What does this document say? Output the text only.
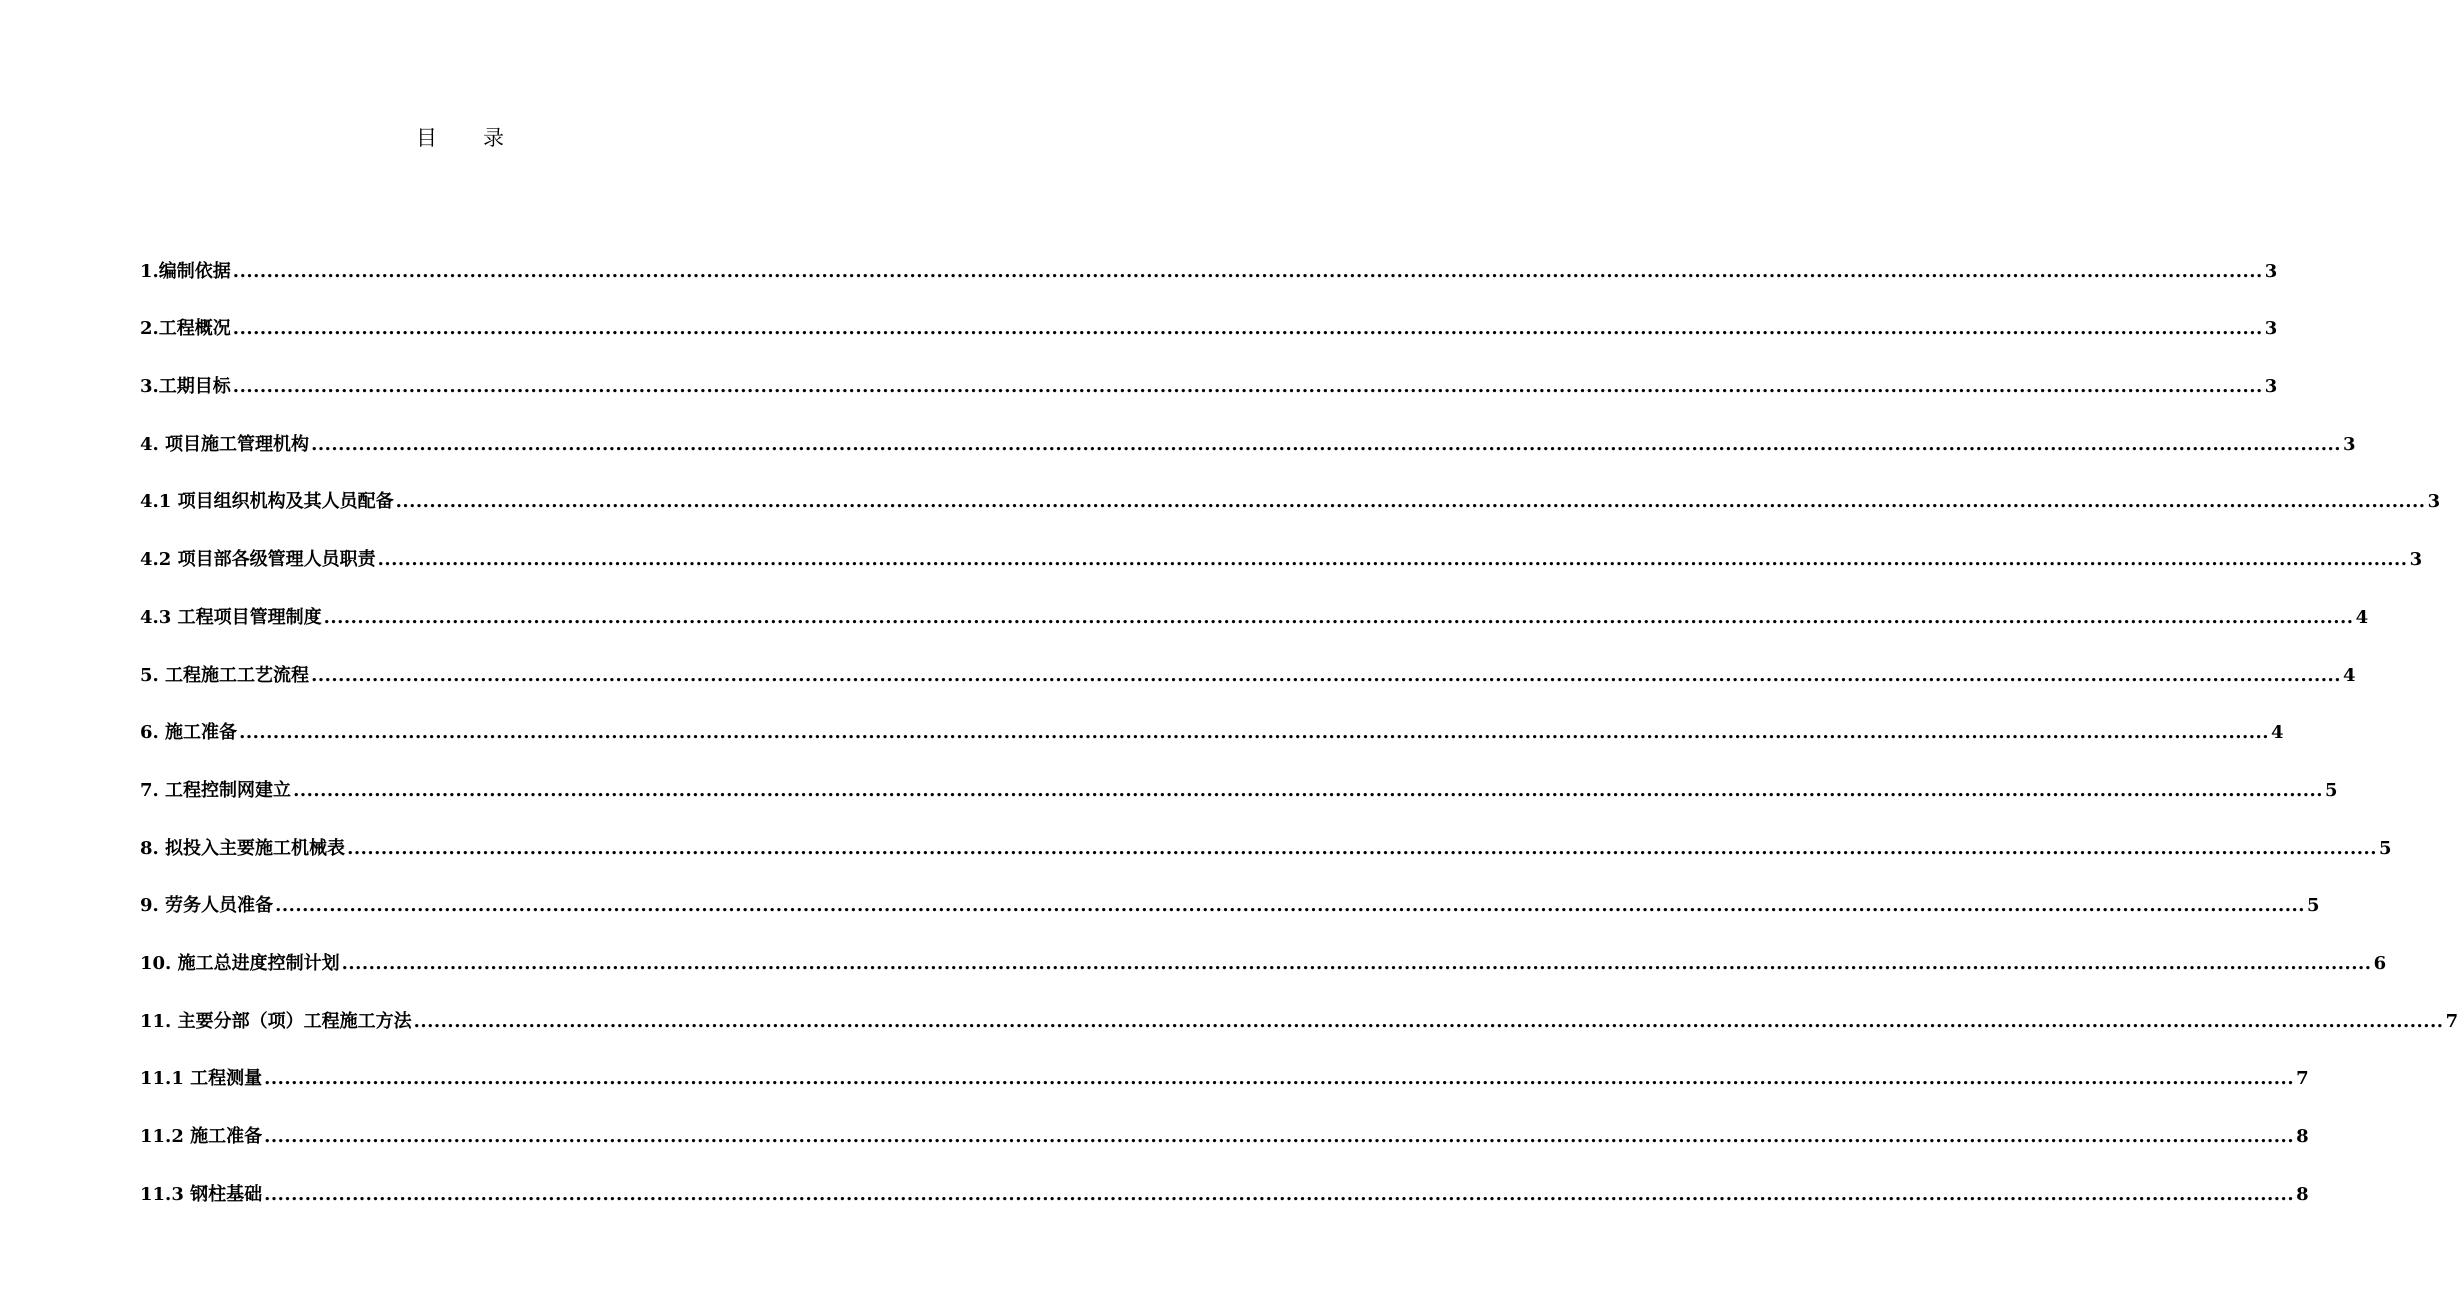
目 录
1.编制依据 ............................................................................................................................................................................................................................................................................................................ 3
2.工程概况 ............................................................................................................................................................................................................................................................................................................ 3
3.工期目标 ............................................................................................................................................................................................................................................................................................................ 3
4. 项目施工管理机构 ............................................................................................................................................................................................................................................................................................................ 3
4.1 项目组织机构及其人员配备 ............................................................................................................................................................................................................................................................................................................ 3
4.2 项目部各级管理人员职责 ............................................................................................................................................................................................................................................................................................................ 3
4.3 工程项目管理制度 ............................................................................................................................................................................................................................................................................................................ 4
5. 工程施工工艺流程 ............................................................................................................................................................................................................................................................................................................ 4
6. 施工准备 ............................................................................................................................................................................................................................................................................................................ 4
7. 工程控制网建立 ............................................................................................................................................................................................................................................................................................................ 5
8. 拟投入主要施工机械表 ............................................................................................................................................................................................................................................................................................................ 5
9. 劳务人员准备 ............................................................................................................................................................................................................................................................................................................ 5
10. 施工总进度控制计划 ............................................................................................................................................................................................................................................................................................................ 6
11. 主要分部（项）工程施工方法 ............................................................................................................................................................................................................................................................................................................ 7
11.1 工程测量 ............................................................................................................................................................................................................................................................................................................ 7
11.2 施工准备 ............................................................................................................................................................................................................................................................................................................ 8
11.3 钢柱基础 ............................................................................................................................................................................................................................................................................................................ 8
